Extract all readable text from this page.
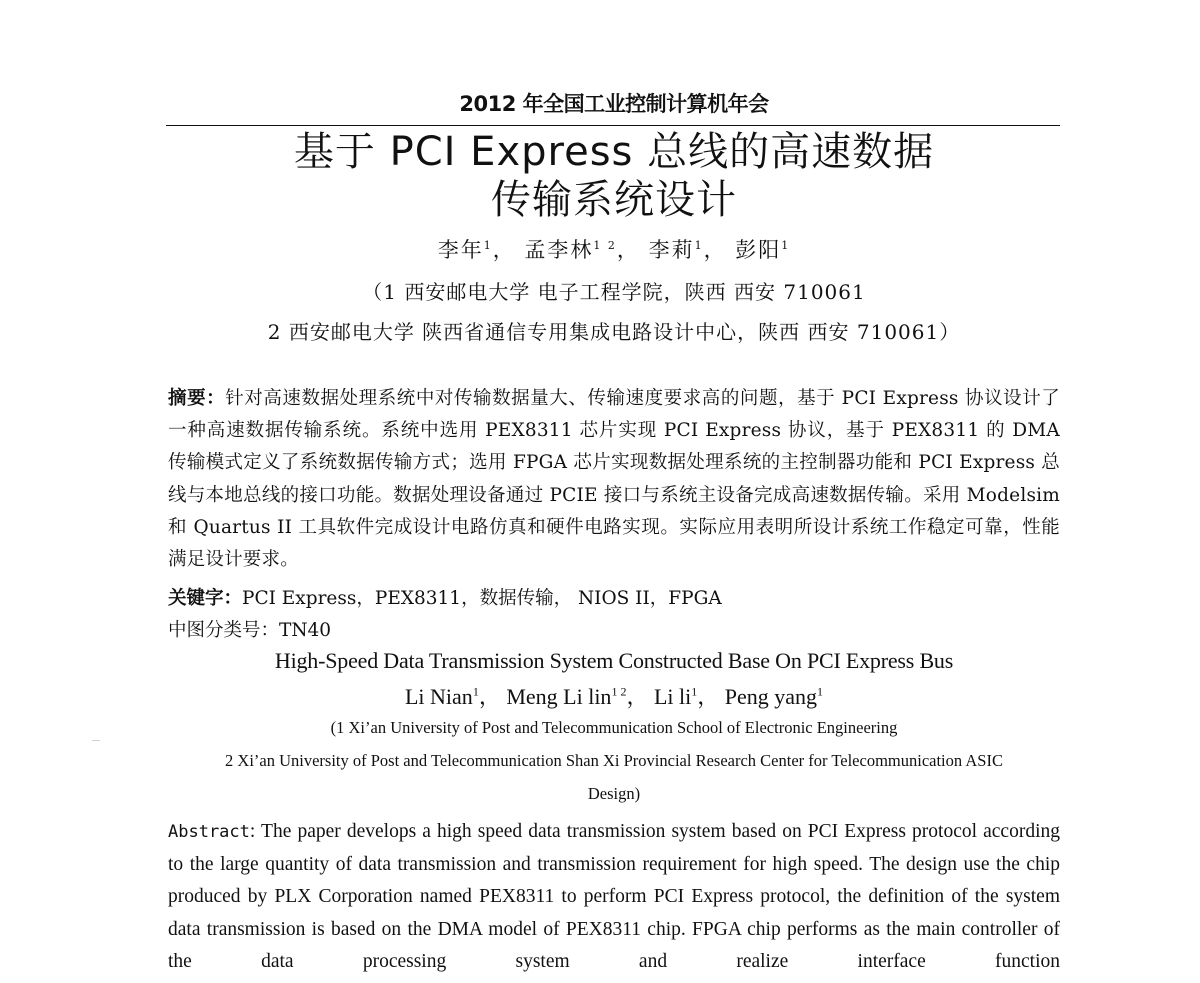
2012 年全国工业控制计算机年会
基于 PCI Express 总线的高速数据
传输系统设计
李年$^1$， 孟李林$^{1 2}$， 李莉$^1$， 彭阳$^1$
（1 西安邮电大学 电子工程学院，陕西 西安 710061
2 西安邮电大学 陕西省通信专用集成电路设计中心，陕西 西安 710061）
摘要：针对高速数据处理系统中对传输数据量大、传输速度要求高的问题，基于 PCI Express 协议设计了一种高速数据传输系统。系统中选用 PEX8311 芯片实现 PCI Express 协议，基于 PEX8311 的 DMA 传输模式定义了系统数据传输方式；选用 FPGA 芯片实现数据处理系统的主控制器功能和 PCI Express 总线与本地总线的接口功能。数据处理设备通过 PCIE 接口与系统主设备完成高速数据传输。采用 Modelsim 和 Quartus II 工具软件完成设计电路仿真和硬件电路实现。实际应用表明所设计系统工作稳定可靠，性能满足设计要求。
关键字：PCI Express，PEX8311，数据传输， NIOS II，FPGA
中图分类号：TN40
High-Speed Data Transmission System Constructed Base On PCI Express Bus
Li Nian$^1$， Meng Li lin$^{1 2}$， Li $li^1$， Peng yang$^1$
(1 Xi’an University of Post and Telecommunication School of Electronic Engineering
2 Xi’an University of Post and Telecommunication Shan Xi Provincial Research Center for Telecommunication ASIC
Design)
Abstract: The paper develops a high speed data transmission system based on PCI Express protocol according to the large quantity of data transmission and transmission requirement for high speed. The design use the chip produced by PLX Corporation named PEX8311 to perform PCI Express protocol, the definition of the system data transmission is based on the DMA model of PEX8311 chip. FPGA chip performs as the main controller of the data processing system and realize interface function
